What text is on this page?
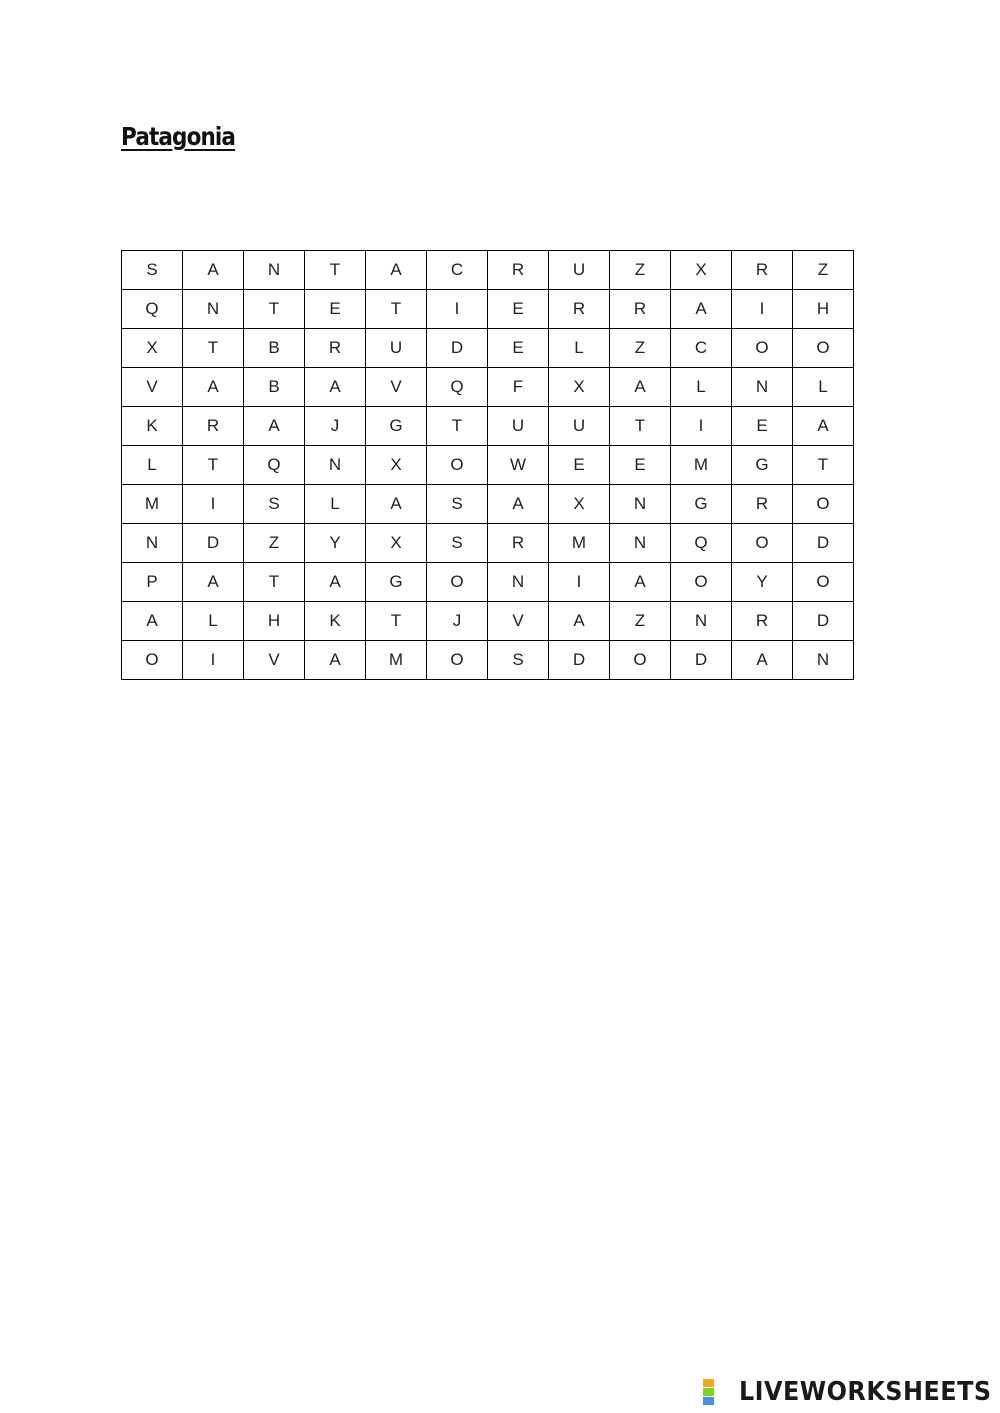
Patagonia
S	A	N	T	A	C	R	U	Z	X	R	Z
Q	N	T	E	T	I	E	R	R	A	I	H
X	T	B	R	U	D	E	L	Z	C	O	O
V	A	B	A	V	Q	F	X	A	L	N	L
K	R	A	J	G	T	U	U	T	I	E	A
L	T	Q	N	X	O	W	E	E	M	G	T
M	I	S	L	A	S	A	X	N	G	R	O
N	D	Z	Y	X	S	R	M	N	Q	O	D
P	A	T	A	G	O	N	I	A	O	Y	O
A	L	H	K	T	J	V	A	Z	N	R	D
O	I	V	A	M	O	S	D	O	D	A	N
LIVEWORKSHEETS
